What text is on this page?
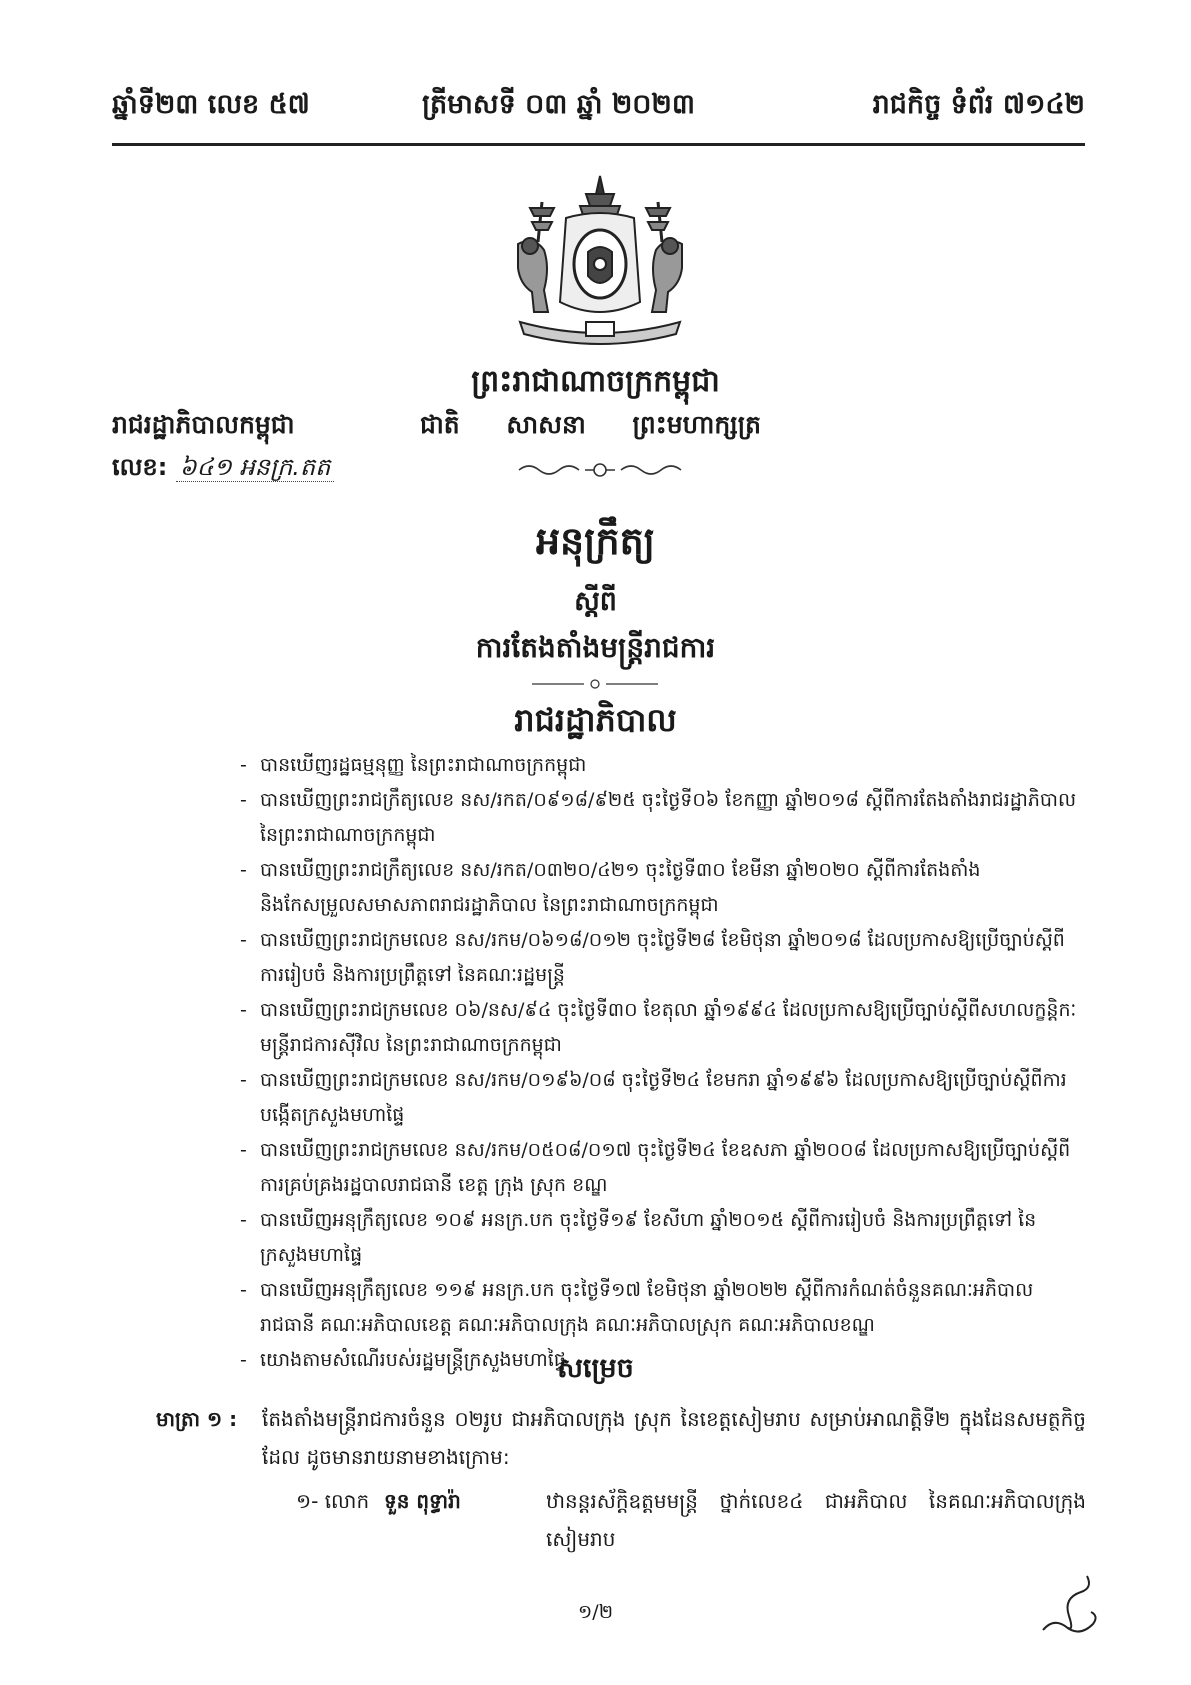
ឆ្នាំទី២៣ លេខ ៥៧	ត្រីមាសទី ០៣ ឆ្នាំ ២០២៣	រាជកិច្ច ទំព័រ ៧១៤២
ព្រះរាជាណាចក្រកម្ពុជា
រាជរដ្ឋាភិបាលកម្ពុជា
លេខ: ៦៤១ អនក្រ.តត
ជាតិ សាសនា ព្រះមហាក្សត្រ
អនុក្រឹត្យ
ស្តីពី
ការតែងតាំងមន្ត្រីរាជការ
រាជរដ្ឋាភិបាល
- បានឃើញរដ្ឋធម្មនុញ្ញ នៃព្រះរាជាណាចក្រកម្ពុជា
- បានឃើញព្រះរាជក្រឹត្យលេខ នស/រកត/០៩១៨/៩២៥ ចុះថ្ងៃទី០៦ ខែកញ្ញា ឆ្នាំ២០១៨ ស្តីពីការតែងតាំងរាជរដ្ឋាភិបាល នៃព្រះរាជាណាចក្រកម្ពុជា
- បានឃើញព្រះរាជក្រឹត្យលេខ នស/រកត/០៣២០/៤២១ ចុះថ្ងៃទី៣០ ខែមីនា ឆ្នាំ២០២០ ស្តីពីការតែងតាំង និងកែសម្រួលសមាសភាពរាជរដ្ឋាភិបាល នៃព្រះរាជាណាចក្រកម្ពុជា
- បានឃើញព្រះរាជក្រមលេខ នស/រកម/០៦១៨/០១២ ចុះថ្ងៃទី២៨ ខែមិថុនា ឆ្នាំ២០១៨ ដែលប្រកាសឱ្យប្រើច្បាប់ស្តីពីការរៀបចំ និងការប្រព្រឹត្តទៅ នៃគណៈរដ្ឋមន្ត្រី
- បានឃើញព្រះរាជក្រមលេខ ០៦/នស/៩៤ ចុះថ្ងៃទី៣០ ខែតុលា ឆ្នាំ១៩៩៤ ដែលប្រកាសឱ្យប្រើច្បាប់ស្តីពីសហលក្ខន្តិកៈមន្ត្រីរាជការស៊ីវិល នៃព្រះរាជាណាចក្រកម្ពុជា
- បានឃើញព្រះរាជក្រមលេខ នស/រកម/០១៩៦/០៨ ចុះថ្ងៃទី២៤ ខែមករា ឆ្នាំ១៩៩៦ ដែលប្រកាសឱ្យប្រើច្បាប់ស្តីពីការបង្កើតក្រសួងមហាផ្ទៃ
- បានឃើញព្រះរាជក្រមលេខ នស/រកម/០៥០៨/០១៧ ចុះថ្ងៃទី២៤ ខែឧសភា ឆ្នាំ២០០៨ ដែលប្រកាសឱ្យប្រើច្បាប់ស្តីពីការគ្រប់គ្រងរដ្ឋបាលរាជធានី ខេត្ត ក្រុង ស្រុក ខណ្ឌ
- បានឃើញអនុក្រឹត្យលេខ ១០៩ អនក្រ.បក ចុះថ្ងៃទី១៩ ខែសីហា ឆ្នាំ២០១៥ ស្តីពីការរៀបចំ និងការប្រព្រឹត្តទៅ នៃក្រសួងមហាផ្ទៃ
- បានឃើញអនុក្រឹត្យលេខ ១១៩ អនក្រ.បក ចុះថ្ងៃទី១៧ ខែមិថុនា ឆ្នាំ២០២២ ស្តីពីការកំណត់ចំនួនគណៈអភិបាលរាជធានី គណៈអភិបាលខេត្ត គណៈអភិបាលក្រុង គណៈអភិបាលស្រុក គណៈអភិបាលខណ្ឌ
- យោងតាមសំណើរបស់រដ្ឋមន្ត្រីក្រសួងមហាផ្ទៃ
សម្រេច
មាត្រា ១ : តែងតាំងមន្ត្រីរាជការចំនួន ០២រូប ជាអភិបាលក្រុង ស្រុក នៃខេត្តសៀមរាប សម្រាប់អាណត្តិទី២ ក្នុងដែនសមត្ថកិច្ចដែល ដូចមានរាយនាមខាងក្រោម:
១- លោក ទួន ពុទ្ធារ៉ា	ឋានន្តរស័ក្តិឧត្តមមន្ត្រី ថ្នាក់លេខ៤ ជាអភិបាល នៃគណៈអភិបាលក្រុងសៀមរាប
១/២
